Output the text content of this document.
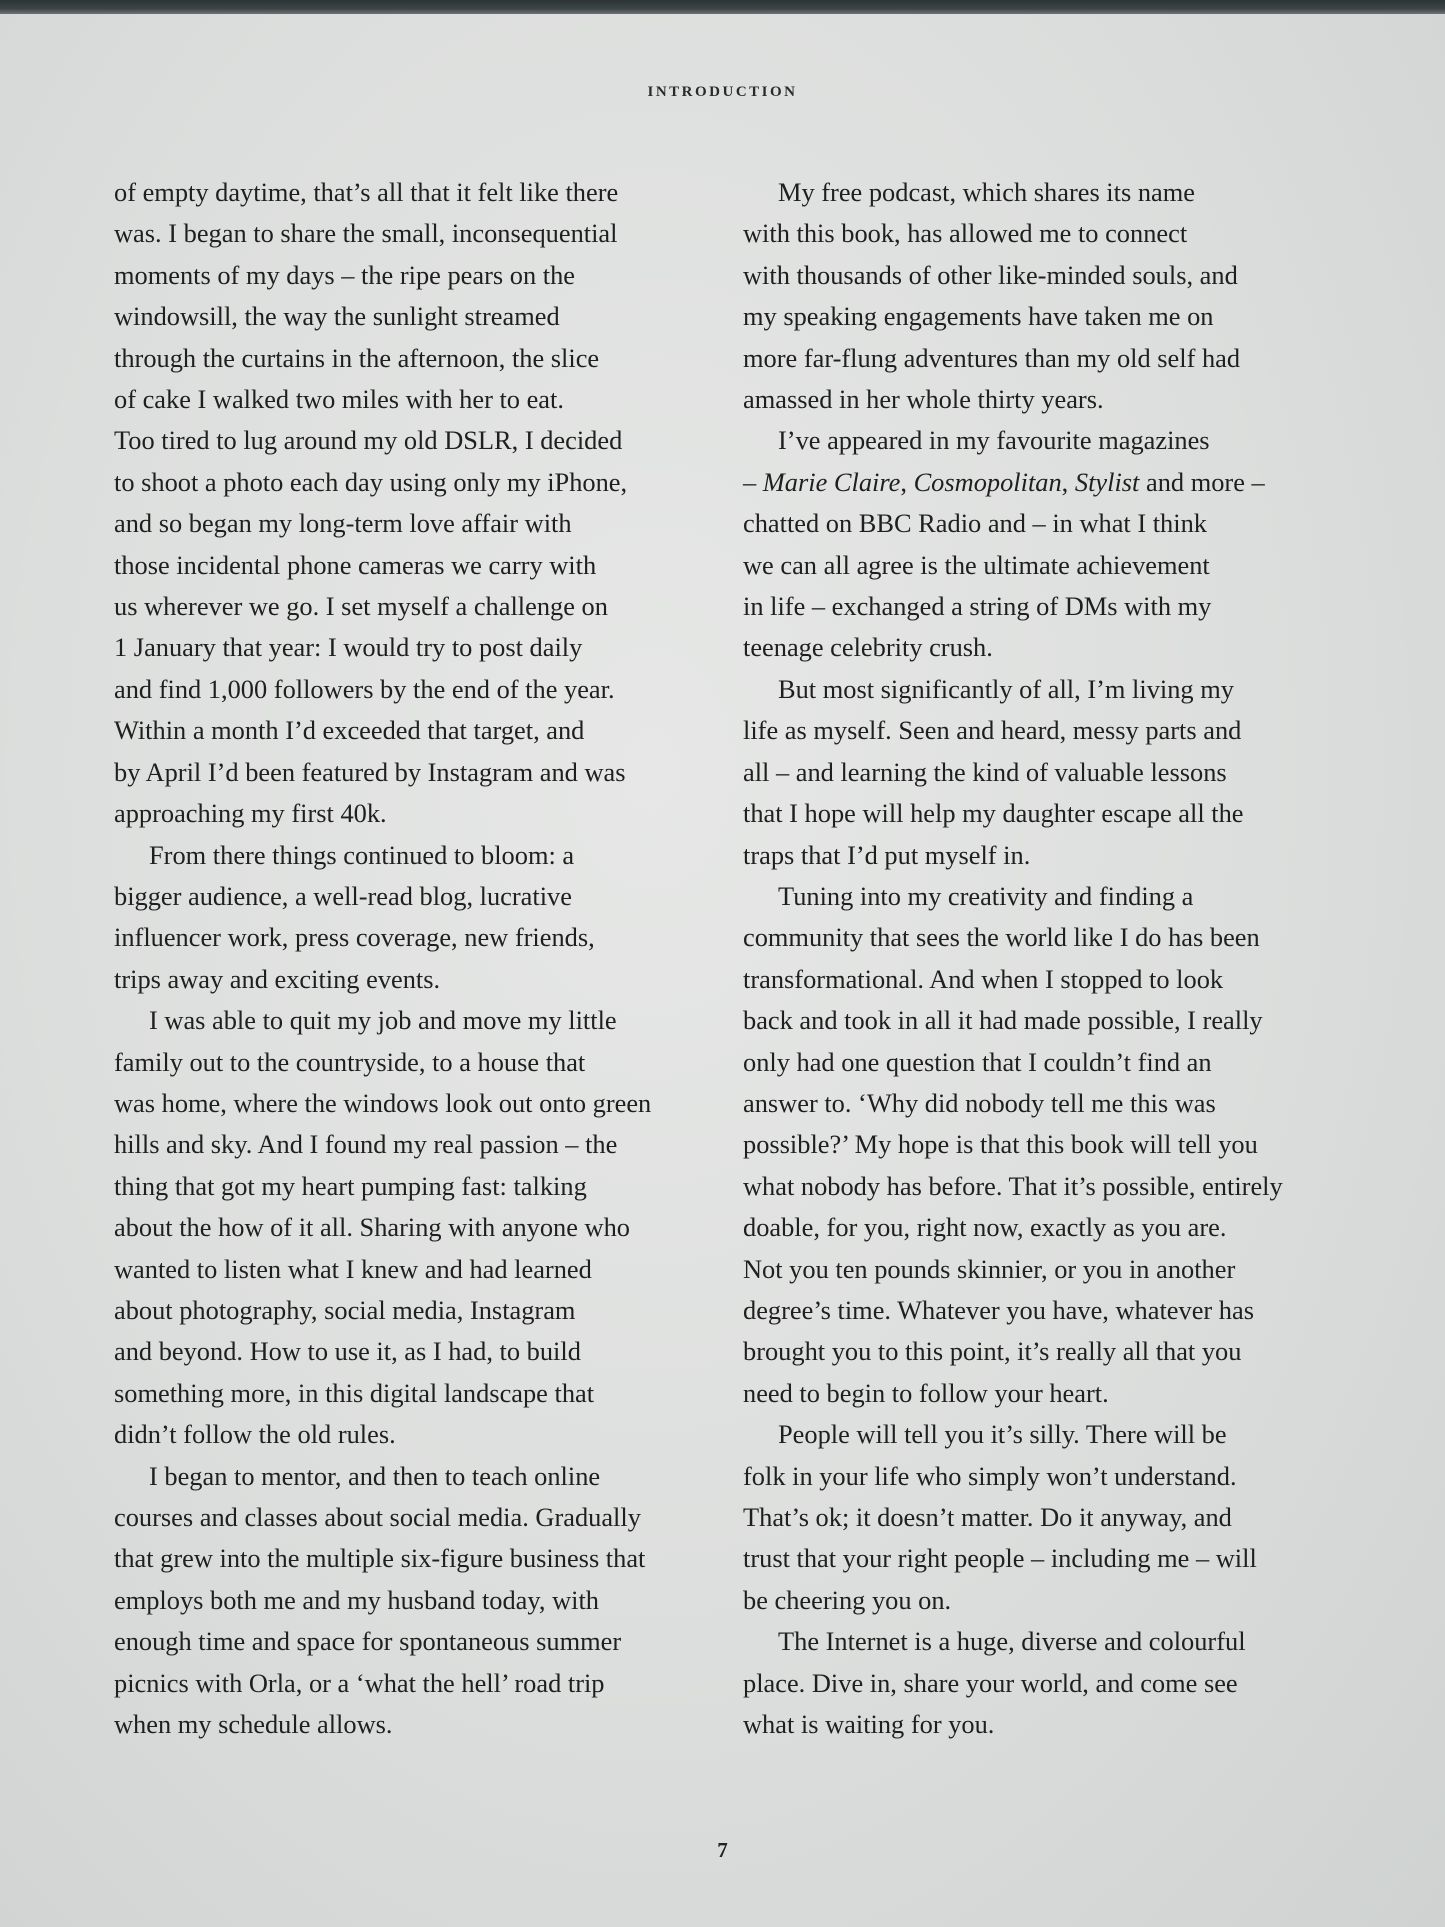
INTRODUCTION
of empty daytime, that’s all that it felt like there
was. I began to share the small, inconsequential
moments of my days – the ripe pears on the
windowsill, the way the sunlight streamed
through the curtains in the afternoon, the slice
of cake I walked two miles with her to eat.
Too tired to lug around my old DSLR, I decided
to shoot a photo each day using only my iPhone,
and so began my long-term love affair with
those incidental phone cameras we carry with
us wherever we go. I set myself a challenge on
1 January that year: I would try to post daily
and find 1,000 followers by the end of the year.
Within a month I’d exceeded that target, and
by April I’d been featured by Instagram and was
approaching my first 40k.
From there things continued to bloom: a
bigger audience, a well-read blog, lucrative
influencer work, press coverage, new friends,
trips away and exciting events.
I was able to quit my job and move my little
family out to the countryside, to a house that
was home, where the windows look out onto green
hills and sky. And I found my real passion – the
thing that got my heart pumping fast: talking
about the how of it all. Sharing with anyone who
wanted to listen what I knew and had learned
about photography, social media, Instagram
and beyond. How to use it, as I had, to build
something more, in this digital landscape that
didn’t follow the old rules.
I began to mentor, and then to teach online
courses and classes about social media. Gradually
that grew into the multiple six-figure business that
employs both me and my husband today, with
enough time and space for spontaneous summer
picnics with Orla, or a ‘what the hell’ road trip
when my schedule allows.
My free podcast, which shares its name
with this book, has allowed me to connect
with thousands of other like-minded souls, and
my speaking engagements have taken me on
more far-flung adventures than my old self had
amassed in her whole thirty years.
I’ve appeared in my favourite magazines
– Marie Claire, Cosmopolitan, Stylist and more –
chatted on BBC Radio and – in what I think
we can all agree is the ultimate achievement
in life – exchanged a string of DMs with my
teenage celebrity crush.
But most significantly of all, I’m living my
life as myself. Seen and heard, messy parts and
all – and learning the kind of valuable lessons
that I hope will help my daughter escape all the
traps that I’d put myself in.
Tuning into my creativity and finding a
community that sees the world like I do has been
transformational. And when I stopped to look
back and took in all it had made possible, I really
only had one question that I couldn’t find an
answer to. ‘Why did nobody tell me this was
possible?’ My hope is that this book will tell you
what nobody has before. That it’s possible, entirely
doable, for you, right now, exactly as you are.
Not you ten pounds skinnier, or you in another
degree’s time. Whatever you have, whatever has
brought you to this point, it’s really all that you
need to begin to follow your heart.
People will tell you it’s silly. There will be
folk in your life who simply won’t understand.
That’s ok; it doesn’t matter. Do it anyway, and
trust that your right people – including me – will
be cheering you on.
The Internet is a huge, diverse and colourful
place. Dive in, share your world, and come see
what is waiting for you.
7
